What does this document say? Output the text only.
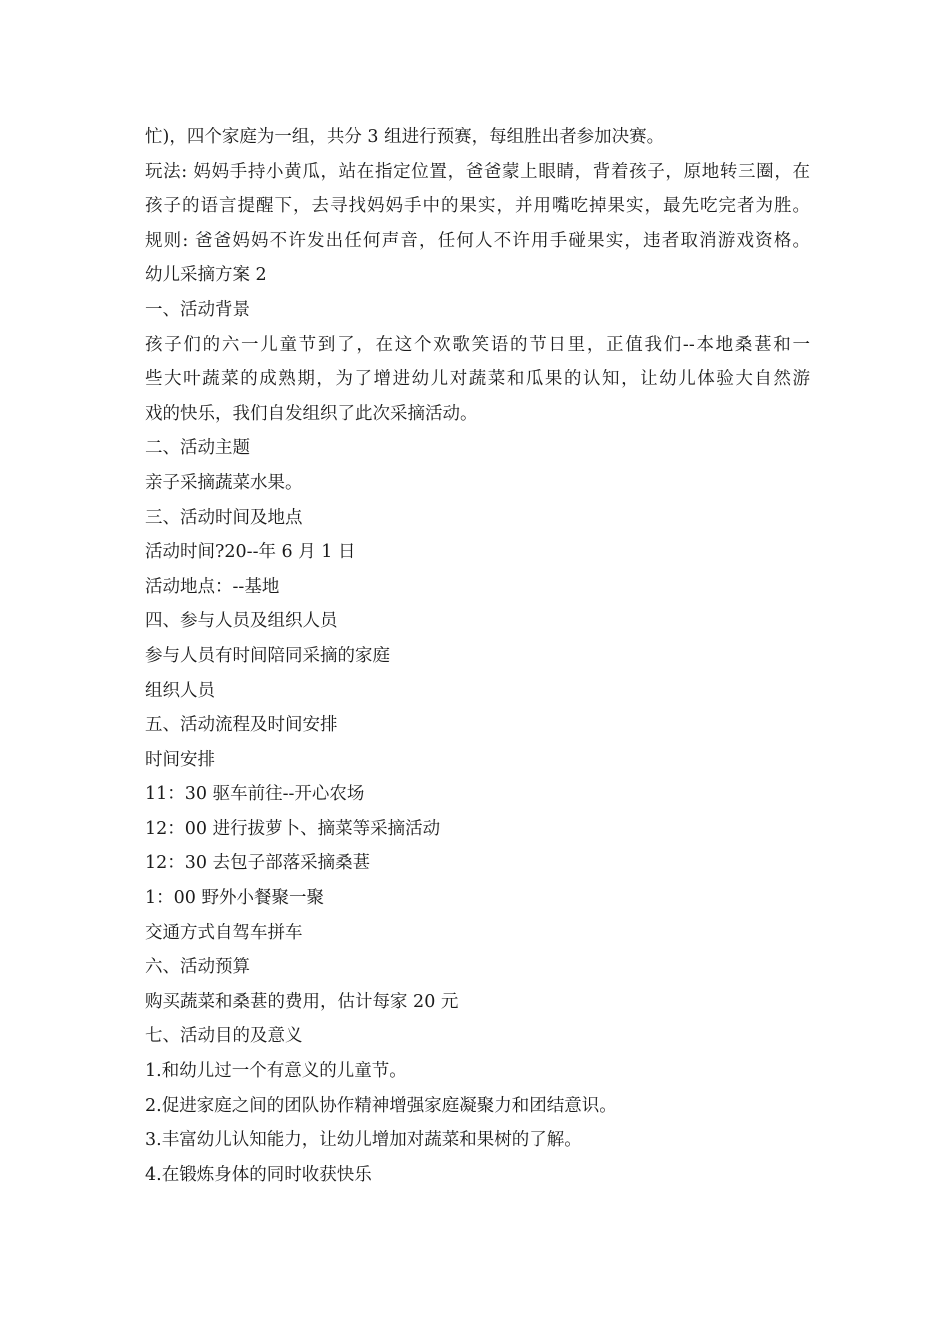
忙)，四个家庭为一组，共分 3 组进行预赛，每组胜出者参加决赛。

玩法: 妈妈手持小黄瓜，站在指定位置，爸爸蒙上眼睛，背着孩子，原地转三圈，在

孩子的语言提醒下，去寻找妈妈手中的果实，并用嘴吃掉果实，最先吃完者为胜。

规则: 爸爸妈妈不许发出任何声音，任何人不许用手碰果实，违者取消游戏资格。

幼儿采摘方案 2

一、活动背景

孩子们的六一儿童节到了，在这个欢歌笑语的节日里，正值我们--本地桑葚和一

些大叶蔬菜的成熟期，为了增进幼儿对蔬菜和瓜果的认知，让幼儿体验大自然游

戏的快乐，我们自发组织了此次采摘活动。

二、活动主题

亲子采摘蔬菜水果。

三、活动时间及地点

活动时间?20--年 6 月 1 日

活动地点：--基地

四、参与人员及组织人员

参与人员有时间陪同采摘的家庭

组织人员

五、活动流程及时间安排

时间安排

11：30 驱车前往--开心农场

12：00 进行拔萝卜、摘菜等采摘活动

12：30 去包子部落采摘桑葚

1：00 野外小餐聚一聚

交通方式自驾车拼车

六、活动预算

购买蔬菜和桑葚的费用，估计每家 20 元

七、活动目的及意义

1.和幼儿过一个有意义的儿童节。

2.促进家庭之间的团队协作精神增强家庭凝聚力和团结意识。

3.丰富幼儿认知能力，让幼儿增加对蔬菜和果树的了解。

4.在锻炼身体的同时收获快乐
